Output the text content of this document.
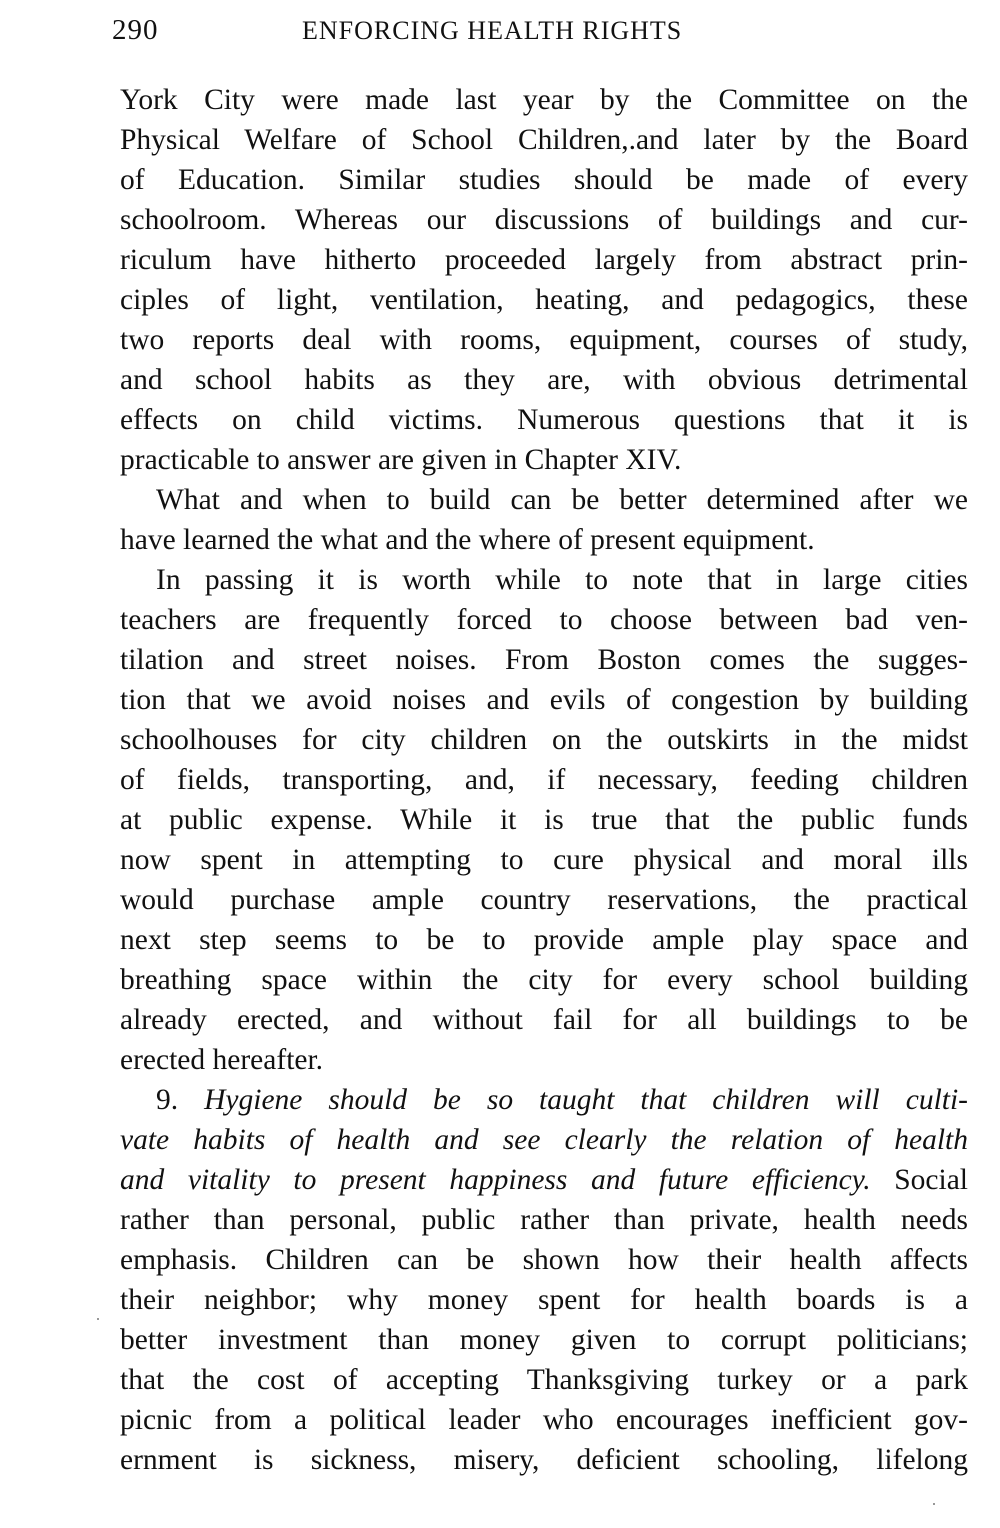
290	ENFORCING HEALTH RIGHTS
York City were made last year by the Committee on the
Physical Welfare of School Children,.and later by the Board
of Education. Similar studies should be made of every
schoolroom. Whereas our discussions of buildings and cur-
riculum have hitherto proceeded largely from abstract prin-
ciples of light, ventilation, heating, and pedagogics, these
two reports deal with rooms, equipment, courses of study,
and school habits as they are, with obvious detrimental
effects on child victims. Numerous questions that it is
practicable to answer are given in Chapter XIV.
What and when to build can be better determined after we
have learned the what and the where of present equipment.
In passing it is worth while to note that in large cities
teachers are frequently forced to choose between bad ven-
tilation and street noises. From Boston comes the sugges-
tion that we avoid noises and evils of congestion by building
schoolhouses for city children on the outskirts in the midst
of fields, transporting, and, if necessary, feeding children
at public expense. While it is true that the public funds
now spent in attempting to cure physical and moral ills
would purchase ample country reservations, the practical
next step seems to be to provide ample play space and
breathing space within the city for every school building
already erected, and without fail for all buildings to be
erected hereafter.
9. Hygiene should be so taught that children will culti-
vate habits of health and see clearly the relation of health
and vitality to present happiness and future efficiency. Social
rather than personal, public rather than private, health needs
emphasis. Children can be shown how their health affects
their neighbor; why money spent for health boards is a
better investment than money given to corrupt politicians;
that the cost of accepting Thanksgiving turkey or a park
picnic from a political leader who encourages inefficient gov-
ernment is sickness, misery, deficient schooling, lifelong
